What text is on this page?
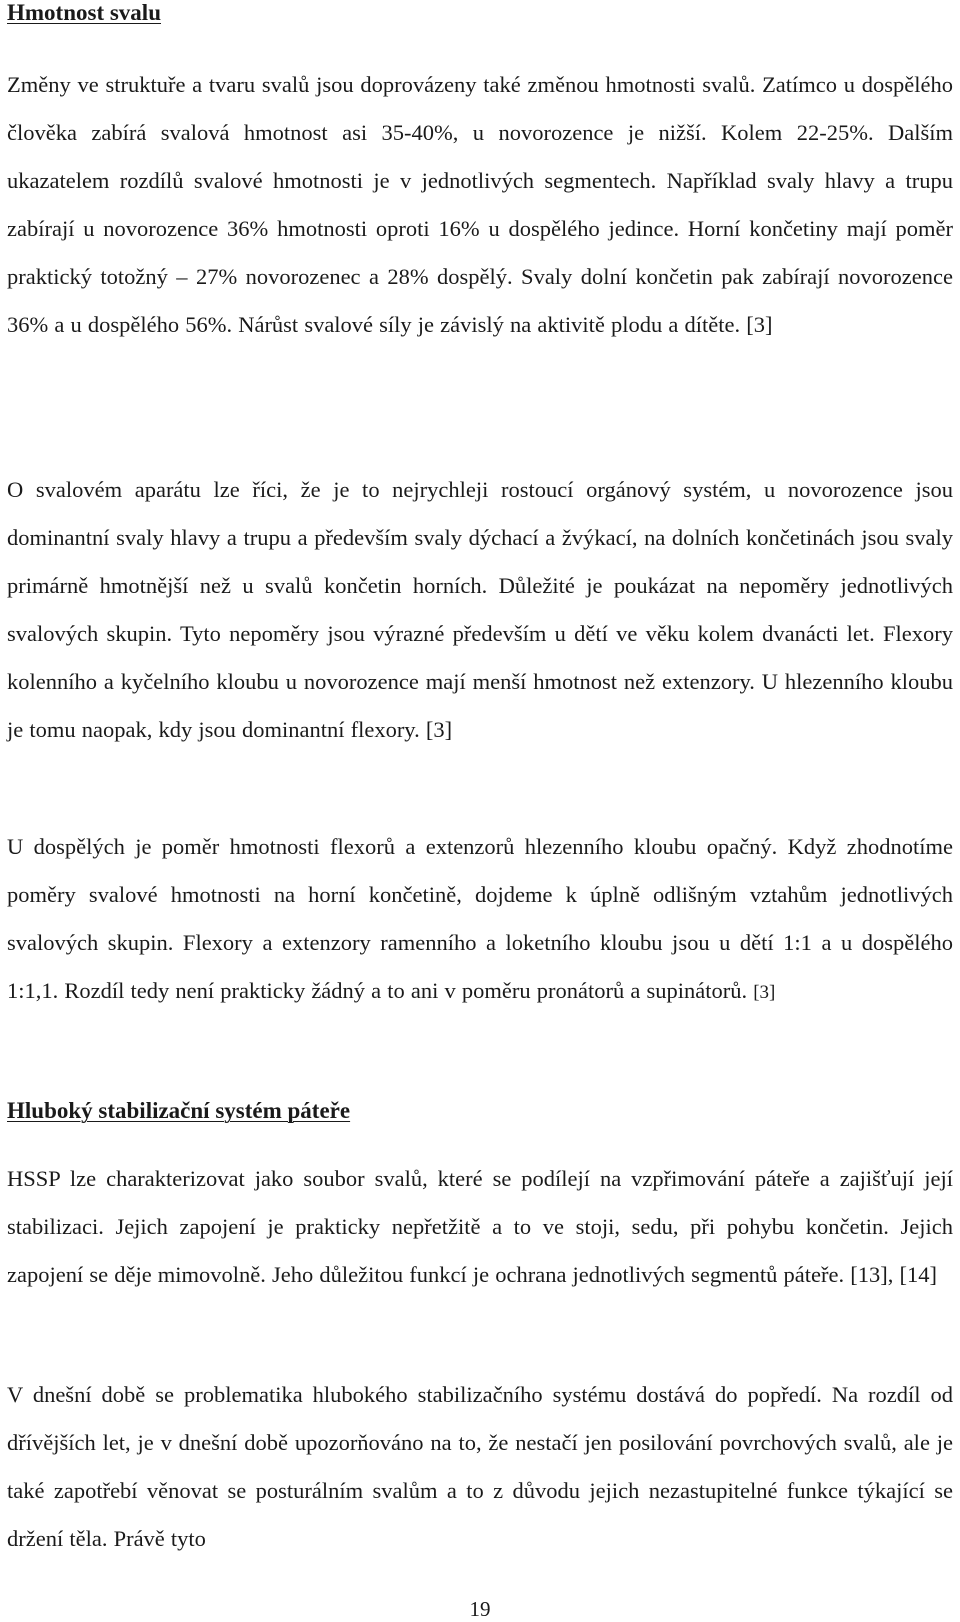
Hmotnost svalu

Změny ve struktuře a tvaru svalů jsou doprovázeny také změnou hmotnosti svalů. Zatímco u dospělého člověka zabírá svalová hmotnost asi 35-40%, u novorozence je nižší. Kolem 22-25%. Dalším ukazatelem rozdílů svalové hmotnosti je v jednotlivých segmentech. Například svaly hlavy a trupu zabírají u novorozence 36% hmotnosti oproti 16% u dospělého jedince. Horní končetiny mají poměr praktický totožný – 27% novorozenec a 28% dospělý. Svaly dolní končetin pak zabírají novorozence 36% a u dospělého 56%. Nárůst svalové síly je závislý na aktivitě plodu a dítěte. [3]

O svalovém aparátu lze říci, že je to nejrychleji rostoucí orgánový systém, u novorozence jsou dominantní svaly hlavy a trupu a především svaly dýchací a žvýkací, na dolních končetinách jsou svaly primárně hmotnější než u svalů končetin horních. Důležité je poukázat na nepoměry jednotlivých svalových skupin. Tyto nepoměry jsou výrazné především u dětí ve věku kolem dvanácti let. Flexory kolenního a kyčelního kloubu u novorozence mají menší hmotnost než extenzory. U hlezenního kloubu je tomu naopak, kdy jsou dominantní flexory. [3]

U dospělých je poměr hmotnosti flexorů a extenzorů hlezenního kloubu opačný. Když zhodnotíme poměry svalové hmotnosti na horní končetině, dojdeme k úplně odlišným vztahům jednotlivých svalových skupin. Flexory a extenzory ramenního a loketního kloubu jsou u dětí 1:1 a u dospělého 1:1,1. Rozdíl tedy není prakticky žádný a to ani v poměru pronátorů a supinátorů. [3]

Hluboký stabilizační systém páteře

HSSP lze charakterizovat jako soubor svalů, které se podílejí na vzpřimování páteře a zajišťují její stabilizaci. Jejich zapojení je prakticky nepřetžitě a to ve stoji, sedu, při pohybu končetin. Jejich zapojení se děje mimovolně. Jeho důležitou funkcí je ochrana jednotlivých segmentů páteře. [13], [14]

V dnešní době se problematika hlubokého stabilizačního systému dostává do popředí. Na rozdíl od dřívějších let, je v dnešní době upozorňováno na to, že nestačí jen posilování povrchových svalů, ale je také zapotřebí věnovat se posturálním svalům a to z důvodu jejich nezastupitelné funkce týkající se držení těla. Právě tyto

19
